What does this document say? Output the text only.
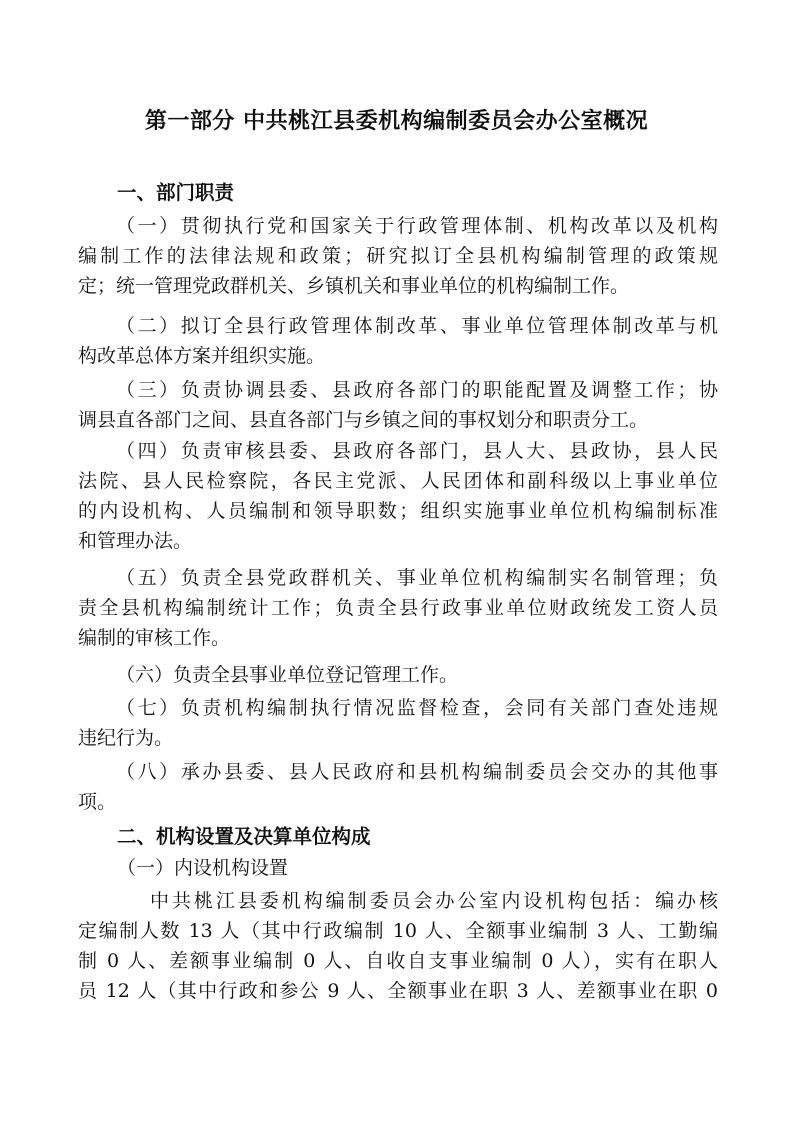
第一部分 中共桃江县委机构编制委员会办公室概况
一、部门职责
（一）贯彻执行党和国家关于行政管理体制、机构改革以及机构
编制工作的法律法规和政策；研究拟订全县机构编制管理的政策规
定；统一管理党政群机关、乡镇机关和事业单位的机构编制工作。
（二）拟订全县行政管理体制改革、事业单位管理体制改革与机
构改革总体方案并组织实施。
（三）负责协调县委、县政府各部门的职能配置及调整工作；协
调县直各部门之间、县直各部门与乡镇之间的事权划分和职责分工。
（四）负责审核县委、县政府各部门，县人大、县政协，县人民
法院、县人民检察院，各民主党派、人民团体和副科级以上事业单位
的内设机构、人员编制和领导职数；组织实施事业单位机构编制标准
和管理办法。
（五）负责全县党政群机关、事业单位机构编制实名制管理；负
责全县机构编制统计工作；负责全县行政事业单位财政统发工资人员
编制的审核工作。
（六）负责全县事业单位登记管理工作。
（七）负责机构编制执行情况监督检查，会同有关部门查处违规
违纪行为。
（八）承办县委、县人民政府和县机构编制委员会交办的其他事
项。
二、机构设置及决算单位构成
（一）内设机构设置
中共桃江县委机构编制委员会办公室内设机构包括：编办核
定编制人数 13 人（其中行政编制 10 人、全额事业编制 3 人、工勤编
制 0 人、差额事业编制 0 人、自收自支事业编制 0 人），实有在职人
员 12 人（其中行政和参公 9 人、全额事业在职 3 人、差额事业在职 0
